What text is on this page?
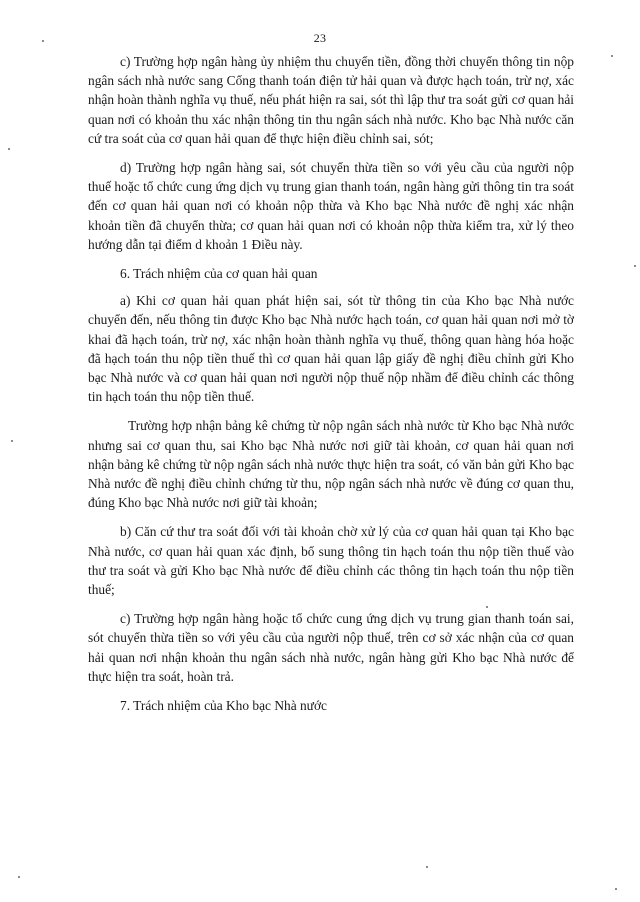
23

c) Trường hợp ngân hàng ủy nhiệm thu chuyển tiền, đồng thời chuyển thông tin nộp ngân sách nhà nước sang Cổng thanh toán điện tử hải quan và được hạch toán, trừ nợ, xác nhận hoàn thành nghĩa vụ thuế, nếu phát hiện ra sai, sót thì lập thư tra soát gửi cơ quan hải quan nơi có khoản thu xác nhận thông tin thu ngân sách nhà nước. Kho bạc Nhà nước căn cứ tra soát của cơ quan hải quan để thực hiện điều chỉnh sai, sót;

d) Trường hợp ngân hàng sai, sót chuyển thừa tiền so với yêu cầu của người nộp thuế hoặc tổ chức cung ứng dịch vụ trung gian thanh toán, ngân hàng gửi thông tin tra soát đến cơ quan hải quan nơi có khoản nộp thừa và Kho bạc Nhà nước đề nghị xác nhận khoản tiền đã chuyển thừa; cơ quan hải quan nơi có khoản nộp thừa kiểm tra, xử lý theo hướng dẫn tại điểm d khoản 1 Điều này.

6. Trách nhiệm của cơ quan hải quan

a) Khi cơ quan hải quan phát hiện sai, sót từ thông tin của Kho bạc Nhà nước chuyển đến, nếu thông tin được Kho bạc Nhà nước hạch toán, cơ quan hải quan nơi mở tờ khai đã hạch toán, trừ nợ, xác nhận hoàn thành nghĩa vụ thuế, thông quan hàng hóa hoặc đã hạch toán thu nộp tiền thuế thì cơ quan hải quan lập giấy đề nghị điều chỉnh gửi Kho bạc Nhà nước và cơ quan hải quan nơi người nộp thuế nộp nhầm để điều chỉnh các thông tin hạch toán thu nộp tiền thuế.

Trường hợp nhận bảng kê chứng từ nộp ngân sách nhà nước từ Kho bạc Nhà nước nhưng sai cơ quan thu, sai Kho bạc Nhà nước nơi giữ tài khoản, cơ quan hải quan nơi nhận bảng kê chứng từ nộp ngân sách nhà nước thực hiện tra soát, có văn bản gửi Kho bạc Nhà nước đề nghị điều chỉnh chứng từ thu, nộp ngân sách nhà nước về đúng cơ quan thu, đúng Kho bạc Nhà nước nơi giữ tài khoản;

b) Căn cứ thư tra soát đối với tài khoản chờ xử lý của cơ quan hải quan tại Kho bạc Nhà nước, cơ quan hải quan xác định, bổ sung thông tin hạch toán thu nộp tiền thuế vào thư tra soát và gửi Kho bạc Nhà nước để điều chỉnh các thông tin hạch toán thu nộp tiền thuế;

c) Trường hợp ngân hàng hoặc tổ chức cung ứng dịch vụ trung gian thanh toán sai, sót chuyển thừa tiền so với yêu cầu của người nộp thuế, trên cơ sở xác nhận của cơ quan hải quan nơi nhận khoản thu ngân sách nhà nước, ngân hàng gửi Kho bạc Nhà nước để thực hiện tra soát, hoàn trả.

7. Trách nhiệm của Kho bạc Nhà nước
